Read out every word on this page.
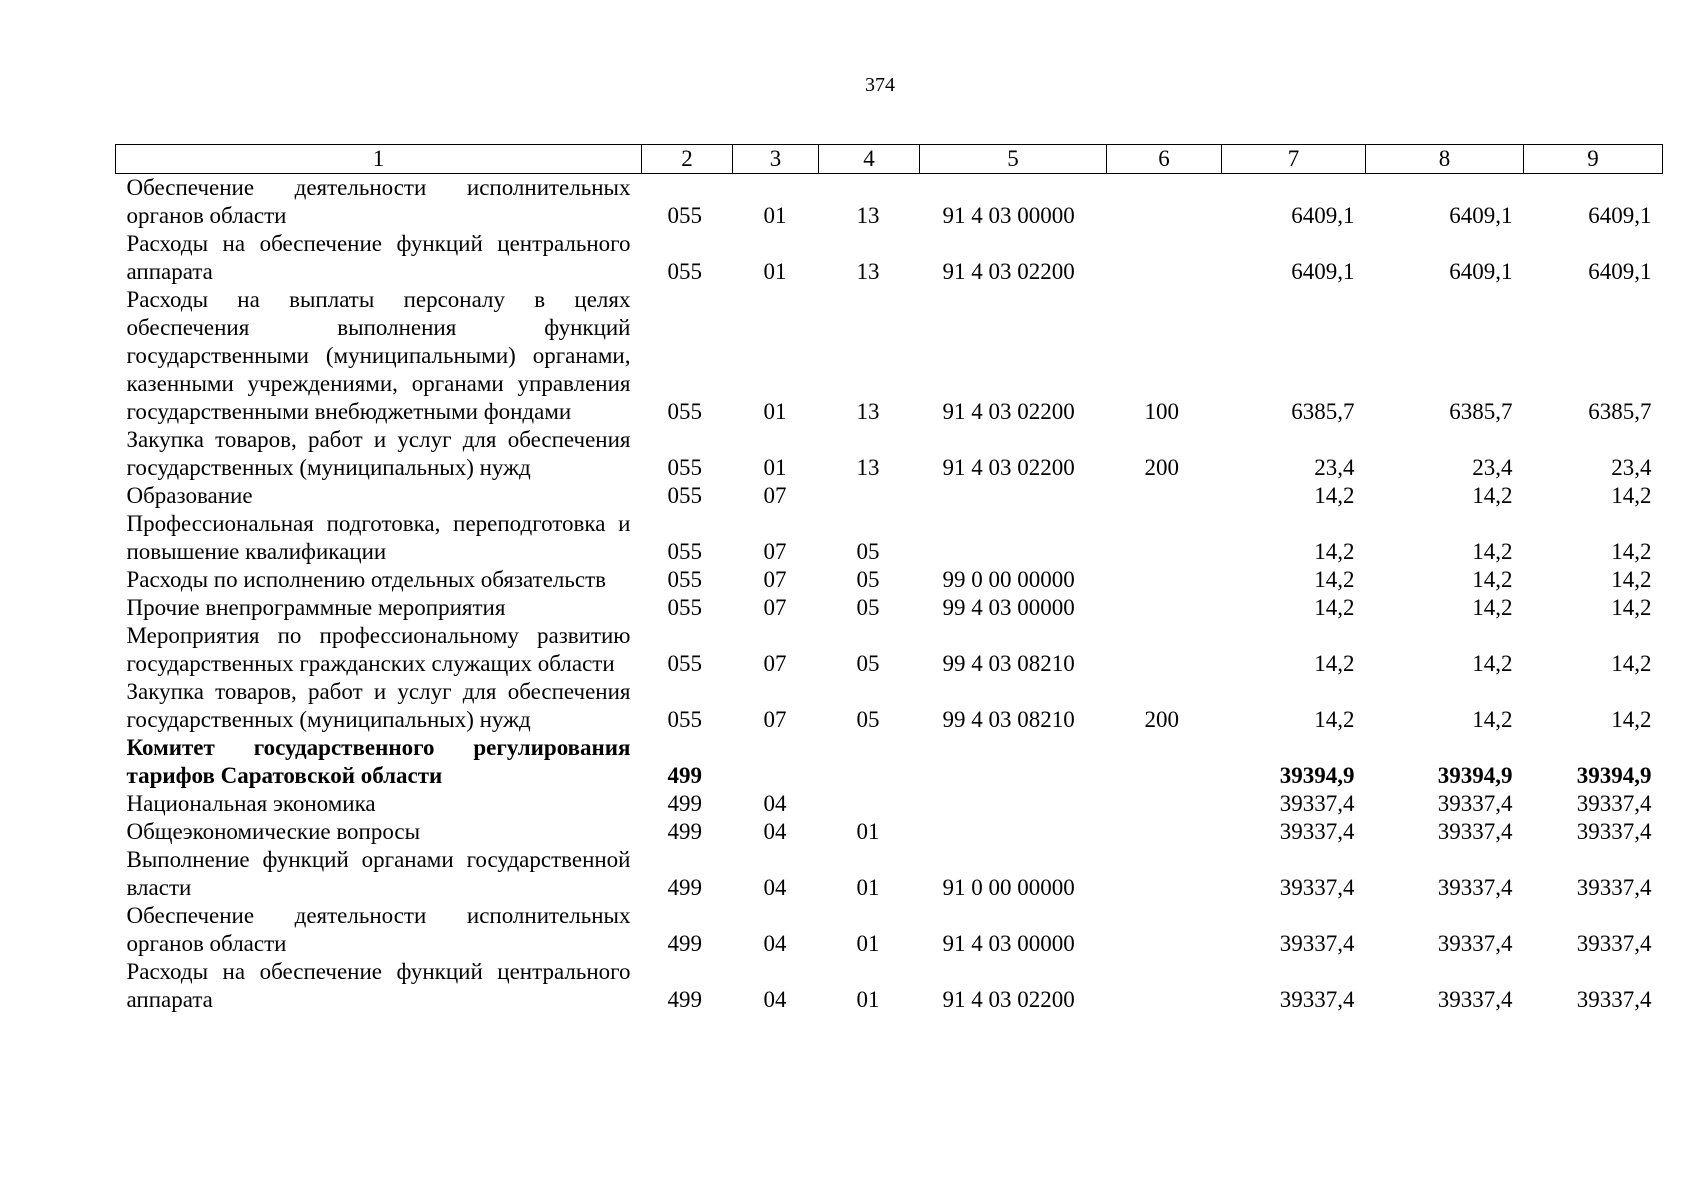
374
1	2	3	4	5	6	7	8	9
Обеспечение деятельности исполнительных органов области	055	01	13	91 4 03 00000		6409,1	6409,1	6409,1
Расходы на обеспечение функций центрального аппарата	055	01	13	91 4 03 02200		6409,1	6409,1	6409,1
Расходы на выплаты персоналу в целях обеспечения выполнения функций государственными (муниципальными) органами, казенными учреждениями, органами управления государственными внебюджетными фондами	055	01	13	91 4 03 02200	100	6385,7	6385,7	6385,7
Закупка товаров, работ и услуг для обеспечения государственных (муниципальных) нужд	055	01	13	91 4 03 02200	200	23,4	23,4	23,4
Образование	055	07				14,2	14,2	14,2
Профессиональная подготовка, переподготовка и повышение квалификации	055	07	05			14,2	14,2	14,2
Расходы по исполнению отдельных обязательств	055	07	05	99 0 00 00000		14,2	14,2	14,2
Прочие внепрограммные мероприятия	055	07	05	99 4 03 00000		14,2	14,2	14,2
Мероприятия по профессиональному развитию государственных гражданских служащих области	055	07	05	99 4 03 08210		14,2	14,2	14,2
Закупка товаров, работ и услуг для обеспечения государственных (муниципальных) нужд	055	07	05	99 4 03 08210	200	14,2	14,2	14,2
Комитет государственного регулирования тарифов Саратовской области	499					39394,9	39394,9	39394,9
Национальная экономика	499	04				39337,4	39337,4	39337,4
Общеэкономические вопросы	499	04	01			39337,4	39337,4	39337,4
Выполнение функций органами государственной власти	499	04	01	91 0 00 00000		39337,4	39337,4	39337,4
Обеспечение деятельности исполнительных органов области	499	04	01	91 4 03 00000		39337,4	39337,4	39337,4
Расходы на обеспечение функций центрального аппарата	499	04	01	91 4 03 02200		39337,4	39337,4	39337,4
